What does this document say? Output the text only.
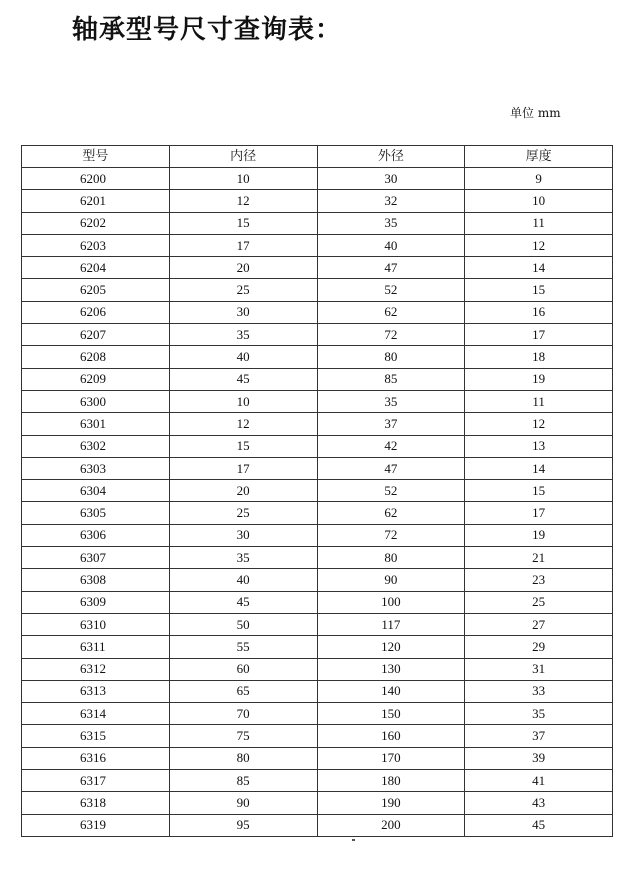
轴承型号尺寸查询表：
单位 mm
型号	内径	外径	厚度
6200	10	30	9
6201	12	32	10
6202	15	35	11
6203	17	40	12
6204	20	47	14
6205	25	52	15
6206	30	62	16
6207	35	72	17
6208	40	80	18
6209	45	85	19
6300	10	35	11
6301	12	37	12
6302	15	42	13
6303	17	47	14
6304	20	52	15
6305	25	62	17
6306	30	72	19
6307	35	80	21
6308	40	90	23
6309	45	100	25
6310	50	117	27
6311	55	120	29
6312	60	130	31
6313	65	140	33
6314	70	150	35
6315	75	160	37
6316	80	170	39
6317	85	180	41
6318	90	190	43
6319	95	200	45
